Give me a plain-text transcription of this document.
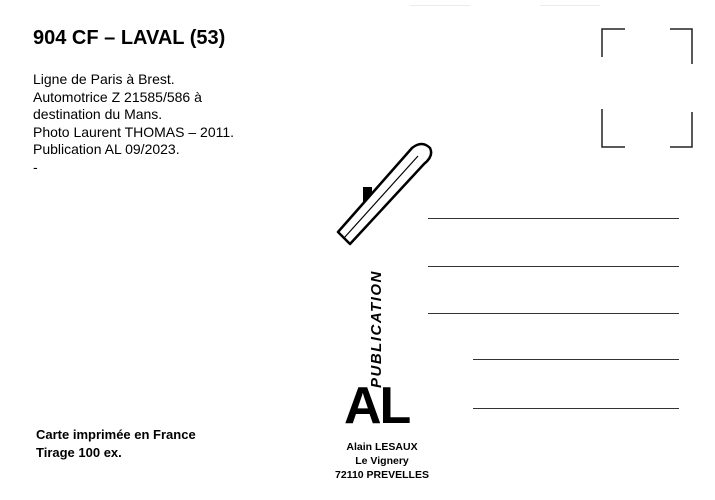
904 CF – LAVAL (53)
Ligne de Paris à Brest.
Automotrice Z 21585/586 à
destination du Mans.
Photo Laurent THOMAS – 2011.
Publication AL 09/2023.
-
Carte imprimée en France
Tirage 100 ex.
PUBLICATION
AL
Alain LESAUX
Le Vignery
72110 PREVELLES
